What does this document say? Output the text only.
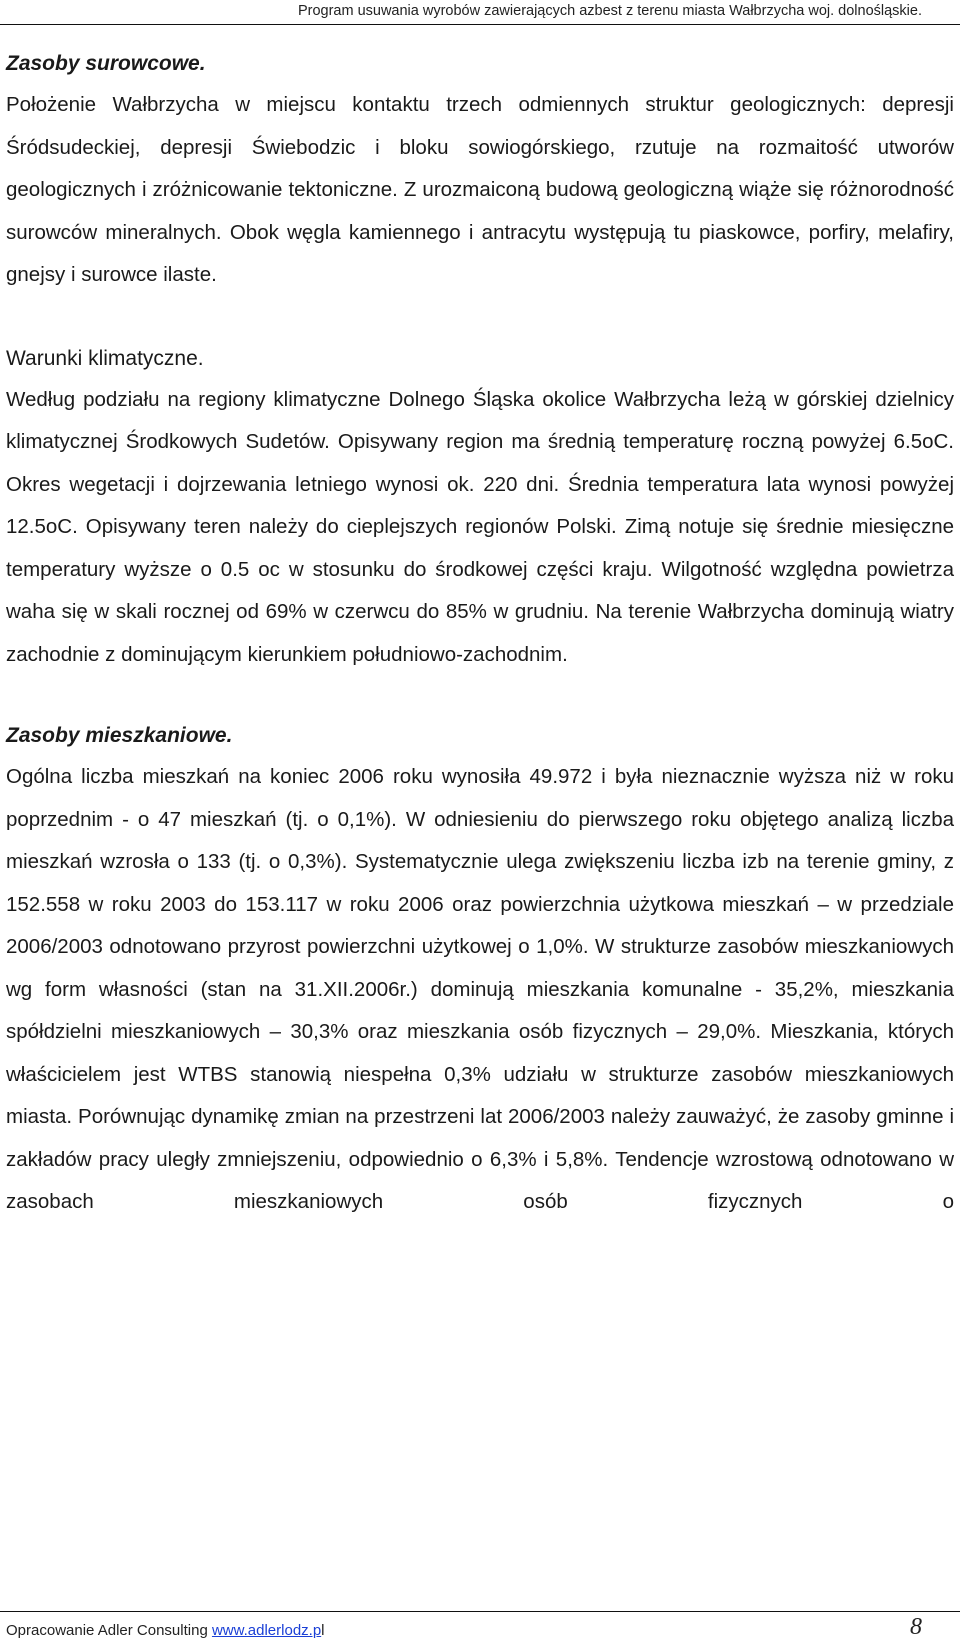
Program usuwania wyrobów zawierających azbest z terenu miasta Wałbrzycha woj. dolnośląskie.
Zasoby surowcowe.

Położenie Wałbrzycha w miejscu kontaktu trzech odmiennych struktur geologicznych: depresji Śródsudeckiej, depresji Świebodzic i bloku sowiogórskiego, rzutuje na rozmaitość utworów geologicznych i zróżnicowanie tektoniczne. Z urozmaiconą budową geologiczną wiąże się różnorodność surowców mineralnych. Obok węgla kamiennego i antracytu występują tu piaskowce, porfiry, melafiry, gnejsy i surowce ilaste.

Warunki klimatyczne.

Według podziału na regiony klimatyczne Dolnego Śląska okolice Wałbrzycha leżą w górskiej dzielnicy klimatycznej Środkowych Sudetów. Opisywany region ma średnią temperaturę roczną powyżej 6.5oC. Okres wegetacji i dojrzewania letniego wynosi ok. 220 dni. Średnia temperatura lata wynosi powyżej 12.5oC. Opisywany teren należy do cieplejszych regionów Polski. Zimą notuje się średnie miesięczne temperatury wyższe o 0.5 oc w stosunku do środkowej części kraju. Wilgotność względna powietrza waha się w skali rocznej od 69% w czerwcu do 85% w grudniu. Na terenie Wałbrzycha dominują wiatry zachodnie z dominującym kierunkiem południowo-zachodnim.

Zasoby mieszkaniowe.

Ogólna liczba mieszkań na koniec 2006 roku wynosiła 49.972 i była nieznacznie wyższa niż w roku poprzednim - o 47 mieszkań (tj. o 0,1%). W odniesieniu do pierwszego roku objętego analizą liczba mieszkań wzrosła o 133 (tj. o 0,3%). Systematycznie ulega zwiększeniu liczba izb na terenie gminy, z 152.558 w roku 2003 do 153.117 w roku 2006 oraz powierzchnia użytkowa mieszkań – w przedziale 2006/2003 odnotowano przyrost powierzchni użytkowej o 1,0%. W strukturze zasobów mieszkaniowych wg form własności (stan na 31.XII.2006r.) dominują mieszkania komunalne - 35,2%, mieszkania spółdzielni mieszkaniowych – 30,3% oraz mieszkania osób fizycznych – 29,0%. Mieszkania, których właścicielem jest WTBS stanowią niespełna 0,3% udziału w strukturze zasobów mieszkaniowych miasta. Porównując dynamikę zmian na przestrzeni lat 2006/2003 należy zauważyć, że zasoby gminne i zakładów pracy uległy zmniejszeniu, odpowiednio o 6,3% i 5,8%. Tendencje wzrostową odnotowano w zasobach mieszkaniowych osób fizycznych o

Opracowanie Adler Consulting www.adlerlodz.pl	8
